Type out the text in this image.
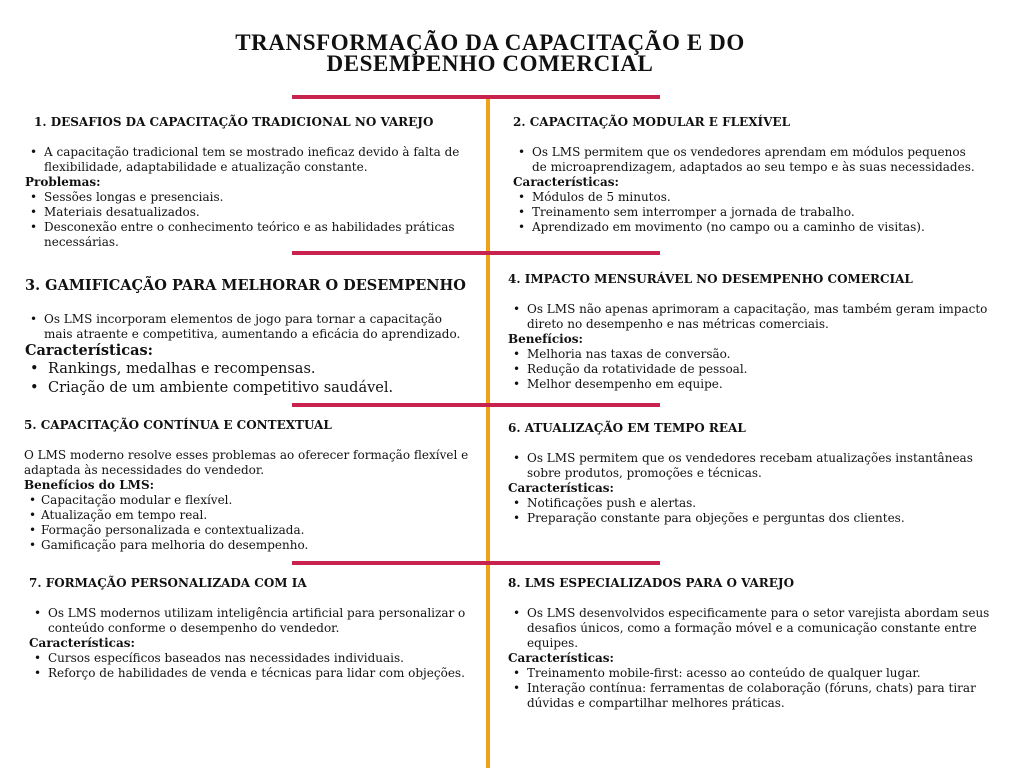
TRANSFORMAÇÃO DA CAPACITAÇÃO E DO
DESEMPENHO COMERCIAL
1. DESAFIOS DA CAPACITAÇÃO TRADICIONAL NO VAREJO
• A capacitação tradicional tem se mostrado ineficaz devido à falta de flexibilidade, adaptabilidade e atualização constante.

Problemas:

• Sessões longas e presenciais.
• Materiais desatualizados.
• Desconexão entre o conhecimento teórico e as habilidades práticas necessárias.
2. CAPACITAÇÃO MODULAR E FLEXÍVEL
• Os LMS permitem que os vendedores aprendam em módulos pequenos de microaprendizagem, adaptados ao seu tempo e às suas necessidades.

Características:

• Módulos de 5 minutos.
• Treinamento sem interromper a jornada de trabalho.
• Aprendizado em movimento (no campo ou a caminho de visitas).
3. GAMIFICAÇÃO PARA MELHORAR O DESEMPENHO
• Os LMS incorporam elementos de jogo para tornar a capacitação mais atraente e competitiva, aumentando a eficácia do aprendizado.

Características:

• Rankings, medalhas e recompensas.
• Criação de um ambiente competitivo saudável.
4. IMPACTO MENSURÁVEL NO DESEMPENHO COMERCIAL
• Os LMS não apenas aprimoram a capacitação, mas também geram impacto direto no desempenho e nas métricas comerciais.

Benefícios:

• Melhoria nas taxas de conversão.
• Redução da rotatividade de pessoal.
• Melhor desempenho em equipe.
5. CAPACITAÇÃO CONTÍNUA E CONTEXTUAL

O LMS moderno resolve esses problemas ao oferecer formação flexível e adaptada às necessidades do vendedor.

Benefícios do LMS:

• Capacitação modular e flexível.
• Atualização em tempo real.
• Formação personalizada e contextualizada.
• Gamificação para melhoria do desempenho.
6. ATUALIZAÇÃO EM TEMPO REAL
• Os LMS permitem que os vendedores recebam atualizações instantâneas sobre produtos, promoções e técnicas.

Características:

• Notificações push e alertas.
• Preparação constante para objeções e perguntas dos clientes.
7. FORMAÇÃO PERSONALIZADA COM IA
• Os LMS modernos utilizam inteligência artificial para personalizar o conteúdo conforme o desempenho do vendedor.

Características:

• Cursos específicos baseados nas necessidades individuais.
• Reforço de habilidades de venda e técnicas para lidar com objeções.
8. LMS ESPECIALIZADOS PARA O VAREJO
• Os LMS desenvolvidos especificamente para o setor varejista abordam seus desafios únicos, como a formação móvel e a comunicação constante entre equipes.

Características:

• Treinamento mobile-first: acesso ao conteúdo de qualquer lugar.
• Interação contínua: ferramentas de colaboração (fóruns, chats) para tirar dúvidas e compartilhar melhores práticas.
